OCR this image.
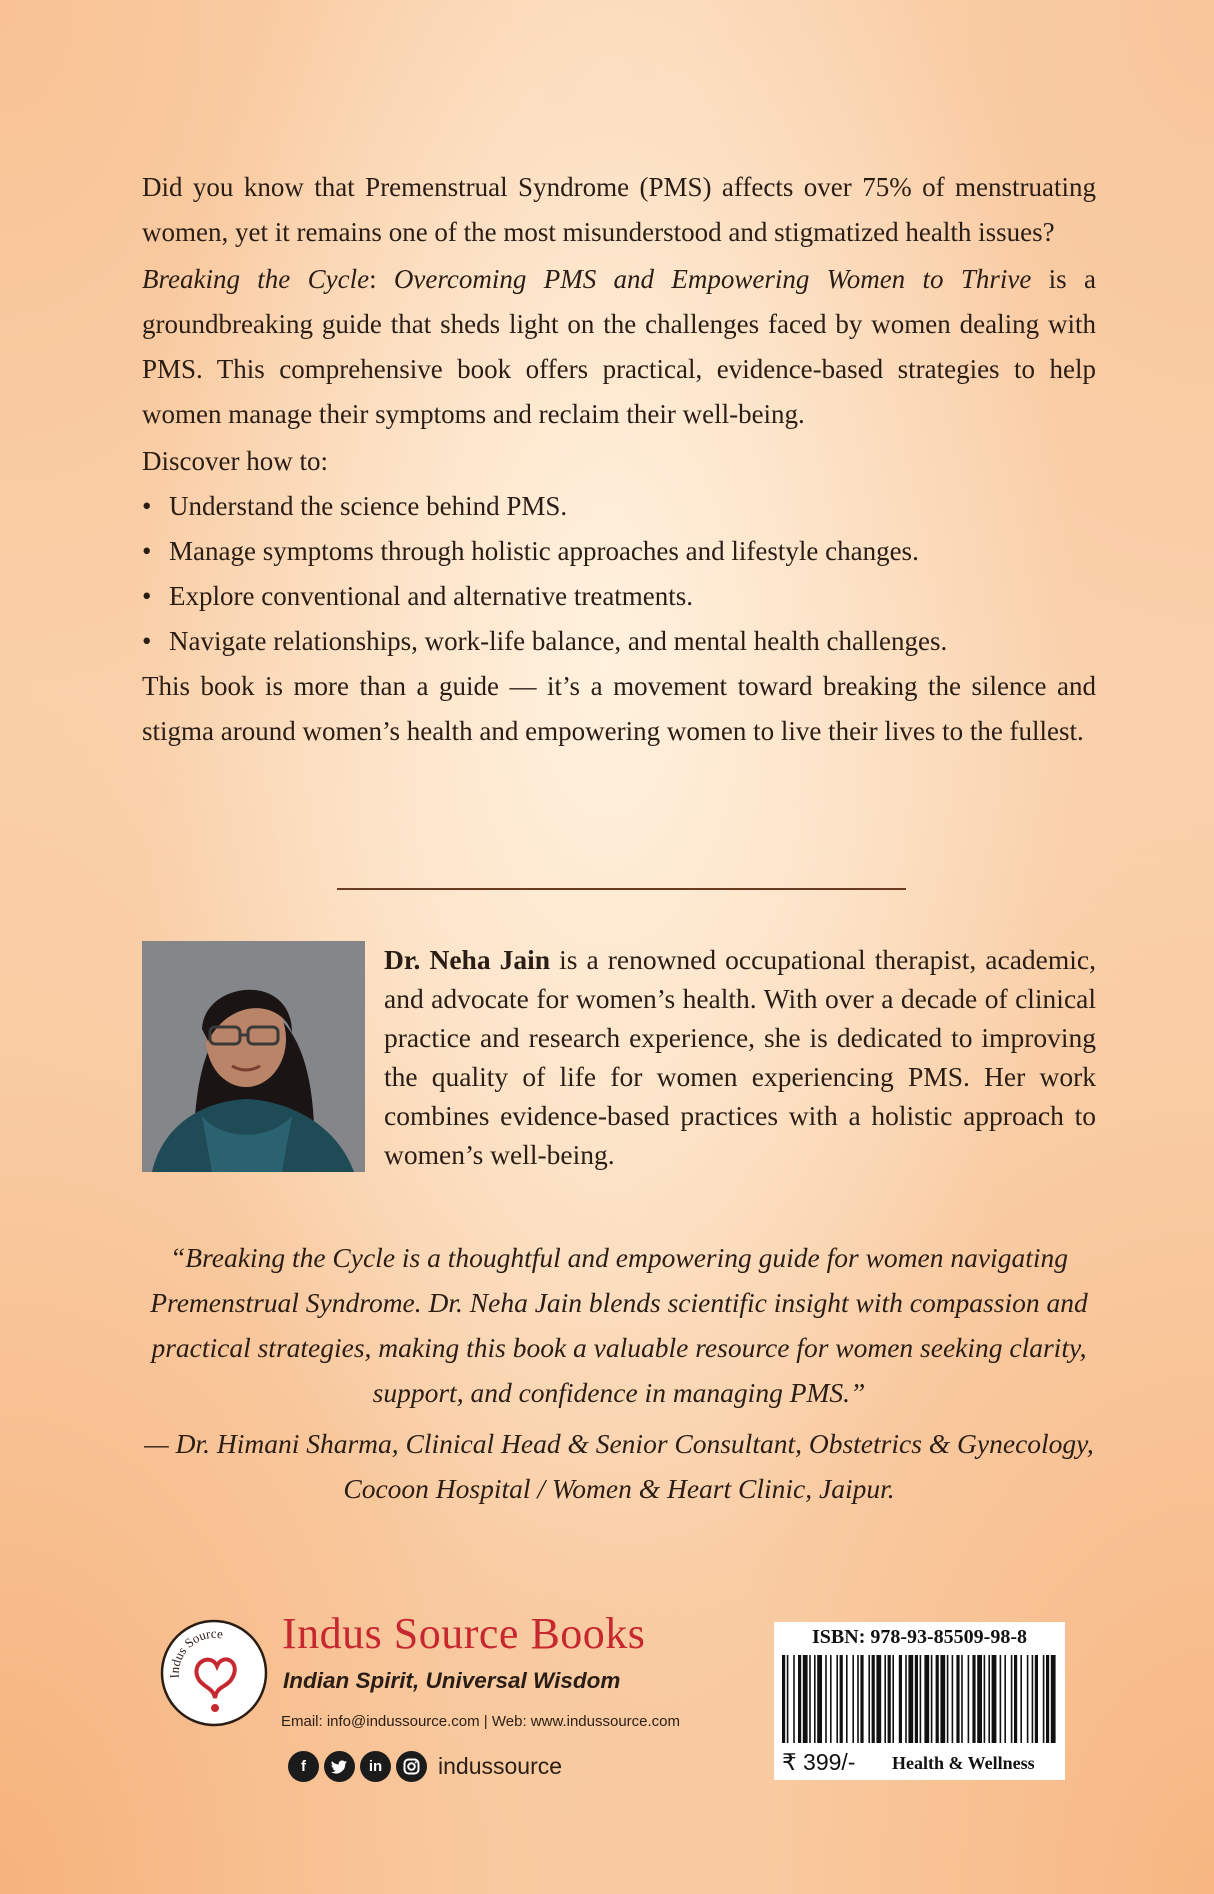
Did you know that Premenstrual Syndrome (PMS) affects over 75% of menstruating women, yet it remains one of the most misunderstood and stigmatized health issues?

Breaking the Cycle: Overcoming PMS and Empowering Women to Thrive is a groundbreaking guide that sheds light on the challenges faced by women dealing with PMS. This comprehensive book offers practical, evidence-based strategies to help women manage their symptoms and reclaim their well-being.

Discover how to:

• Understand the science behind PMS.
• Manage symptoms through holistic approaches and lifestyle changes.
• Explore conventional and alternative treatments.
• Navigate relationships, work-life balance, and mental health challenges.

This book is more than a guide — it’s a movement toward breaking the silence and stigma around women’s health and empowering women to live their lives to the fullest.

Dr. Neha Jain is a renowned occupational therapist, academic, and advocate for women’s health. With over a decade of clinical practice and research experience, she is dedicated to improving the quality of life for women experiencing PMS. Her work combines evidence-based practices with a holistic approach to women’s well-being.

“Breaking the Cycle is a thoughtful and empowering guide for women navigating Premenstrual Syndrome. Dr. Neha Jain blends scientific insight with compassion and practical strategies, making this book a valuable resource for women seeking clarity, support, and confidence in managing PMS.”

— Dr. Himani Sharma, Clinical Head & Senior Consultant, Obstetrics & Gynecology, Cocoon Hospital / Women & Heart Clinic, Jaipur.

Indus Source Indus Source Books
Indian Spirit, Universal Wisdom
Email: info@indussource.com | Web: www.indussource.com
f	in	indussource
ISBN: 978-93-85509-98-8
₹ 399/- Health & Wellness
